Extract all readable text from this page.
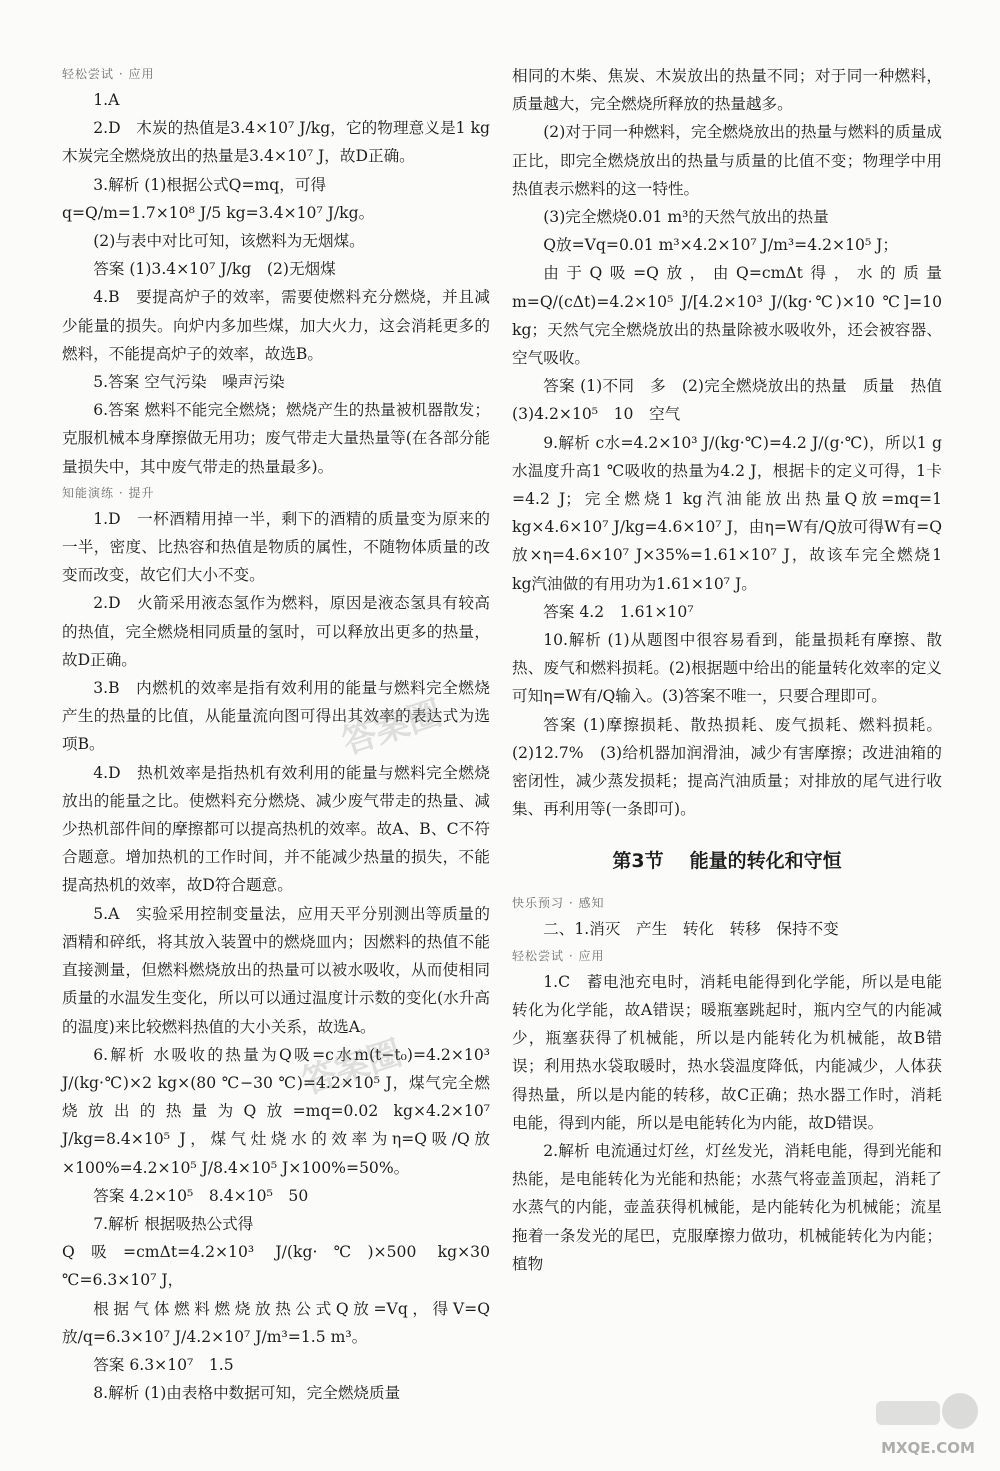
轻松尝试 · 应用

1.A

2.D　木炭的热值是3.4×10⁷ J/kg，它的物理意义是1 kg木炭完全燃烧放出的热量是3.4×10⁷ J，故D正确。

3.解析 (1)根据公式Q=mq，可得

q=Q/m=1.7×10⁸ J/5 kg=3.4×10⁷ J/kg。

(2)与表中对比可知，该燃料为无烟煤。

答案 (1)3.4×10⁷ J/kg　(2)无烟煤

4.B　要提高炉子的效率，需要使燃料充分燃烧，并且减少能量的损失。向炉内多加些煤，加大火力，这会消耗更多的燃料，不能提高炉子的效率，故选B。

5.答案 空气污染　噪声污染

6.答案 燃料不能完全燃烧；燃烧产生的热量被机器散发；克服机械本身摩擦做无用功；废气带走大量热量等(在各部分能量损失中，其中废气带走的热量最多)。

知能演练 · 提升

1.D　一杯酒精用掉一半，剩下的酒精的质量变为原来的一半，密度、比热容和热值是物质的属性，不随物体质量的改变而改变，故它们大小不变。

2.D　火箭采用液态氢作为燃料，原因是液态氢具有较高的热值，完全燃烧相同质量的氢时，可以释放出更多的热量，故D正确。

3.B　内燃机的效率是指有效利用的能量与燃料完全燃烧产生的热量的比值，从能量流向图可得出其效率的表达式为选项B。

4.D　热机效率是指热机有效利用的能量与燃料完全燃烧放出的能量之比。使燃料充分燃烧、减少废气带走的热量、减少热机部件间的摩擦都可以提高热机的效率。故A、B、C不符合题意。增加热机的工作时间，并不能减少热量的损失，不能提高热机的效率，故D符合题意。

5.A　实验采用控制变量法，应用天平分别测出等质量的酒精和碎纸，将其放入装置中的燃烧皿内；因燃料的热值不能直接测量，但燃料燃烧放出的热量可以被水吸收，从而使相同质量的水温发生变化，所以可以通过温度计示数的变化(水升高的温度)来比较燃料热值的大小关系，故选A。

6.解析 水吸收的热量为Q吸=c水m(t−t₀)=4.2×10³ J/(kg·℃)×2 kg×(80 ℃−30 ℃)=4.2×10⁵ J，煤气完全燃烧放出的热量为Q放=mq=0.02 kg×4.2×10⁷ J/kg=8.4×10⁵ J，煤气灶烧水的效率为η=Q吸/Q放×100%=4.2×10⁵ J/8.4×10⁵ J×100%=50%。

答案 4.2×10⁵　8.4×10⁵　50

7.解析 根据吸热公式得

Q吸=cmΔt=4.2×10³ J/(kg·℃)×500 kg×30 ℃=6.3×10⁷ J，

根据气体燃料燃烧放热公式Q放=Vq，得V=Q放/q=6.3×10⁷ J/4.2×10⁷ J/m³=1.5 m³。

答案 6.3×10⁷　1.5

8.解析 (1)由表格中数据可知，完全燃烧质量

相同的木柴、焦炭、木炭放出的热量不同；对于同一种燃料，质量越大，完全燃烧所释放的热量越多。

(2)对于同一种燃料，完全燃烧放出的热量与燃料的质量成正比，即完全燃烧放出的热量与质量的比值不变；物理学中用热值表示燃料的这一特性。

(3)完全燃烧0.01 m³的天然气放出的热量

Q放=Vq=0.01 m³×4.2×10⁷ J/m³=4.2×10⁵ J；

由于Q吸=Q放，由Q=cmΔt得，水的质量m=Q/(cΔt)=4.2×10⁵ J/[4.2×10³ J/(kg·℃)×10 ℃]=10 kg；天然气完全燃烧放出的热量除被水吸收外，还会被容器、空气吸收。

答案 (1)不同　多　(2)完全燃烧放出的热量　质量　热值　(3)4.2×10⁵　10　空气

9.解析 c水=4.2×10³ J/(kg·℃)=4.2 J/(g·℃)，所以1 g水温度升高1 ℃吸收的热量为4.2 J，根据卡的定义可得，1卡=4.2 J；完全燃烧1 kg汽油能放出热量Q放=mq=1 kg×4.6×10⁷ J/kg=4.6×10⁷ J，由η=W有/Q放可得W有=Q放×η=4.6×10⁷ J×35%=1.61×10⁷ J，故该车完全燃烧1 kg汽油做的有用功为1.61×10⁷ J。

答案 4.2　1.61×10⁷

10.解析 (1)从题图中很容易看到，能量损耗有摩擦、散热、废气和燃料损耗。(2)根据题中给出的能量转化效率的定义可知η=W有/Q输入。(3)答案不唯一，只要合理即可。

答案 (1)摩擦损耗、散热损耗、废气损耗、燃料损耗。(2)12.7%　(3)给机器加润滑油，减少有害摩擦；改进油箱的密闭性，减少蒸发损耗；提高汽油质量；对排放的尾气进行收集、再利用等(一条即可)。

第3节 能量的转化和守恒
快乐预习 · 感知

二、1.消灭　产生　转化　转移　保持不变

轻松尝试 · 应用

1.C　蓄电池充电时，消耗电能得到化学能，所以是电能转化为化学能，故A错误；暖瓶塞跳起时，瓶内空气的内能减少，瓶塞获得了机械能，所以是内能转化为机械能，故B错误；利用热水袋取暖时，热水袋温度降低，内能减少，人体获得热量，所以是内能的转移，故C正确；热水器工作时，消耗电能，得到内能，所以是电能转化为内能，故D错误。

2.解析 电流通过灯丝，灯丝发光，消耗电能，得到光能和热能，是电能转化为光能和热能；水蒸气将壶盖顶起，消耗了水蒸气的内能，壶盖获得机械能，是内能转化为机械能；流星拖着一条发光的尾巴，克服摩擦力做功，机械能转化为内能；植物

答案圈
答案圈
MXQE.COM
